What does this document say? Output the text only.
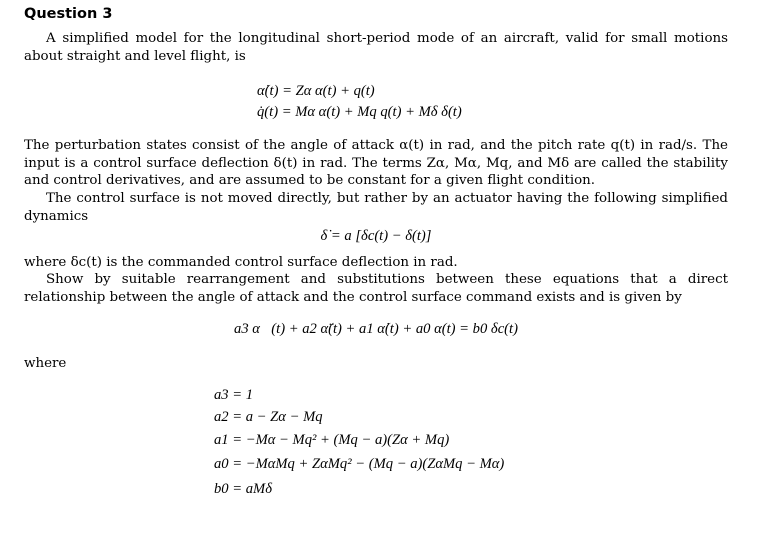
Question 3
A simplified model for the longitudinal short-period mode of an aircraft, valid for small motions about straight and level flight, is
α̇(t) = Zα α(t) + q(t)
q̇(t) = Mα α(t) + Mq q(t) + Mδ δ(t)
The perturbation states consist of the angle of attack α(t) in rad, and the pitch rate q(t) in rad/s. The input is a control surface deflection δ(t) in rad. The terms Zα, Mα, Mq, and Mδ are called the stability and control derivatives, and are assumed to be constant for a given flight condition.
The control surface is not moved directly, but rather by an actuator having the following simplified dynamics
δ̇ = a [δc(t) − δ(t)]
where δc(t) is the commanded control surface deflection in rad.
Show by suitable rearrangement and substitutions between these equations that a direct relationship between the angle of attack and the control surface command exists and is given by
a3 α⃛(t) + a2 α̈(t) + a1 α̇(t) + a0 α(t) = b0 δc(t)
where
a3 = 1
a2 = a − Zα − Mq
a1 = −Mα − Mq² + (Mq − a)(Zα + Mq)
a0 = −MαMq + ZαMq² − (Mq − a)(ZαMq − Mα)
b0 = aMδ
